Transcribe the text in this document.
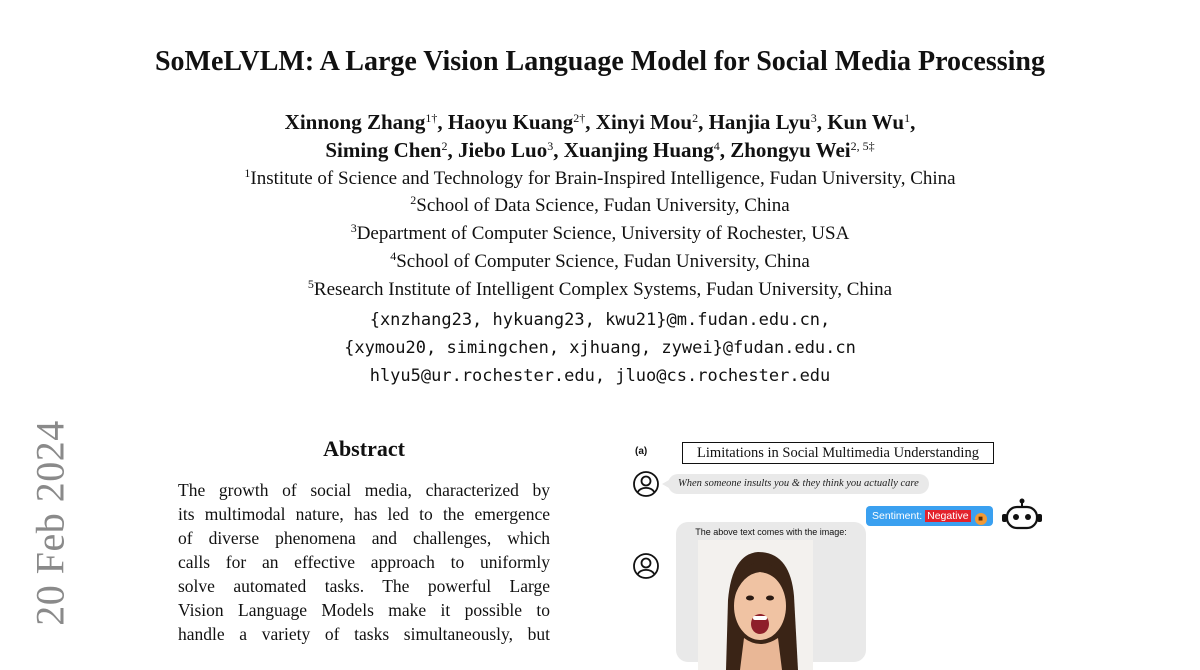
20 Feb 2024
SoMeLVLM: A Large Vision Language Model for Social Media Processing
Xinnong Zhang$^{1\dagger}$, Haoyu Kuang$^{2\dagger}$, Xinyi Mou$^2$, Hanjia Lyu$^3$, Kun Wu$^1$,
Siming Chen$^2$, Jiebo Luo$^3$, Xuanjing Huang$^4$, Zhongyu Wei$^{2, 5\ddagger}$
$^1$Institute of Science and Technology for Brain-Inspired Intelligence, Fudan University, China
$^2$School of Data Science, Fudan University, China
$^3$Department of Computer Science, University of Rochester, USA
$^4$School of Computer Science, Fudan University, China
$^5$Research Institute of Intelligent Complex Systems, Fudan University, China
{xnzhang23, hykuang23, kwu21}@m.fudan.edu.cn,
{xymou20, simingchen, xjhuang, zywei}@fudan.edu.cn
hlyu5@ur.rochester.edu, jluo@cs.rochester.edu
Abstract
The growth of social media, characterized by
its multimodal nature, has led to the emergence
of diverse phenomena and challenges, which
calls for an effective approach to uniformly
solve automated tasks. The powerful Large
Vision Language Models make it possible to
handle a variety of tasks simultaneously, but
(a)	Limitations in Social Multimedia Understanding
When someone insults you & they think you actually care
Sentiment: Negative ■
The above text comes with the image:
